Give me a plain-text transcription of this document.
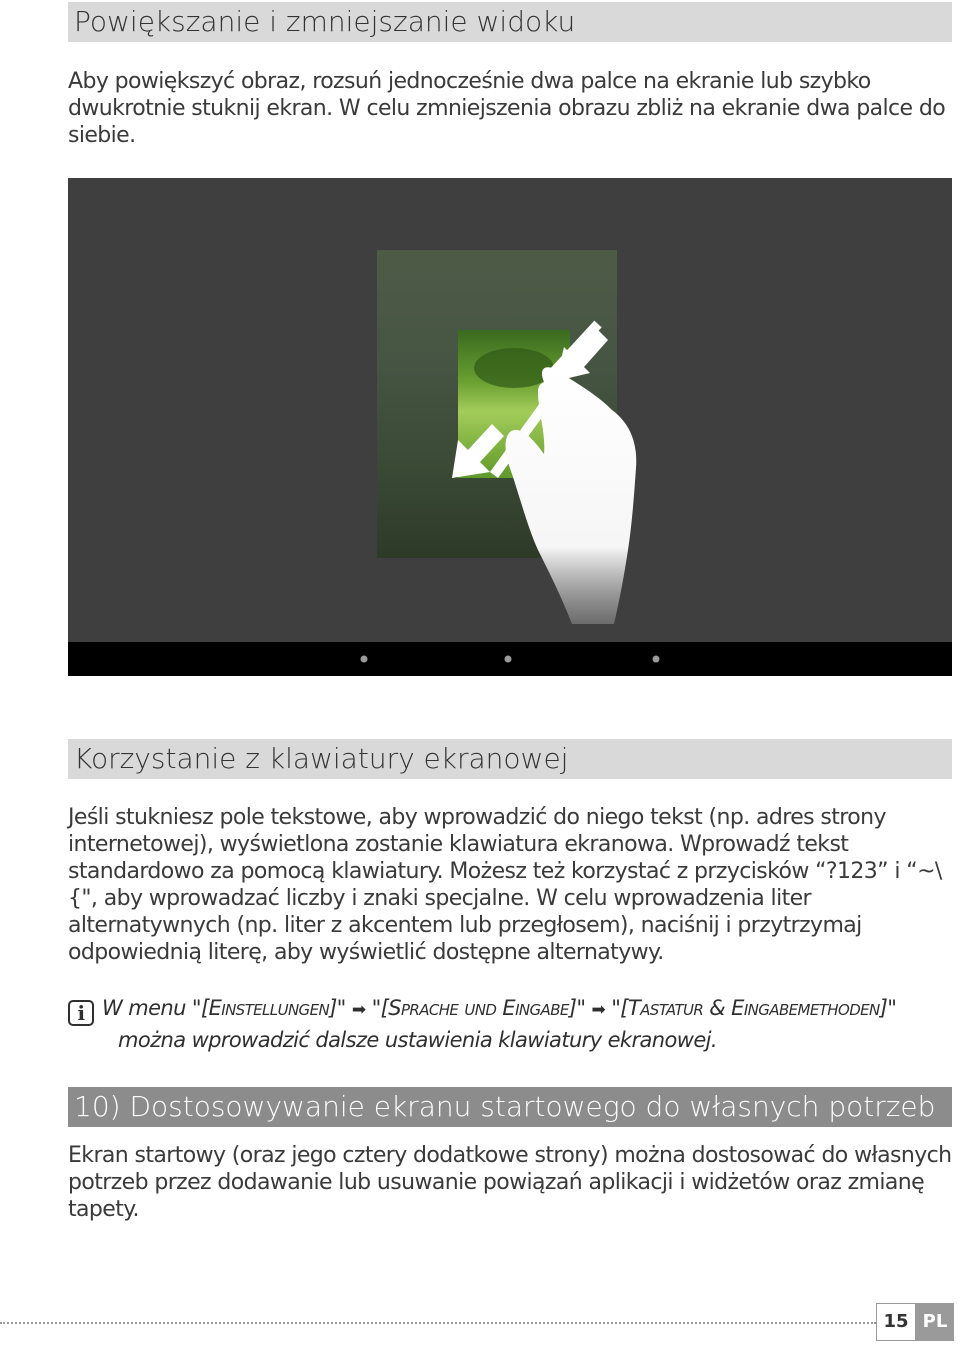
Powiększanie i zmniejszanie widoku

Aby powiększyć obraz, rozsuń jednocześnie dwa palce na ekranie lub szybko dwukrotnie stuknij ekran. W celu zmniejszenia obrazu zbliż na ekranie dwa palce do siebie.

Korzystanie z klawiatury ekranowej

Jeśli stukniesz pole tekstowe, aby wprowadzić do niego tekst (np. adres strony internetowej), wyświetlona zostanie klawiatura ekranowa. Wprowadź tekst standardowo za pomocą klawiatury. Możesz też korzystać z przycisków “?123” i “~\{", aby wprowadzać liczby i znaki specjalne. W celu wprowadzenia liter alternatywnych (np. liter z akcentem lub przegłosem), naciśnij i przytrzymaj odpowiednią literę, aby wyświetlić dostępne alternatywy.

i W menu "[Einstellungen]" ➡ "[Sprache und Eingabe]" ➡ "[Tastatur & Eingabemethoden]"
można wprowadzić dalsze ustawienia klawiatury ekranowej.
10) Dostosowywanie ekranu startowego do własnych potrzeb

Ekran startowy (oraz jego cztery dodatkowe strony) można dostosować do własnych potrzeb przez dodawanie lub usuwanie powiązań aplikacji i widżetów oraz zmianę tapety.

15 PL
